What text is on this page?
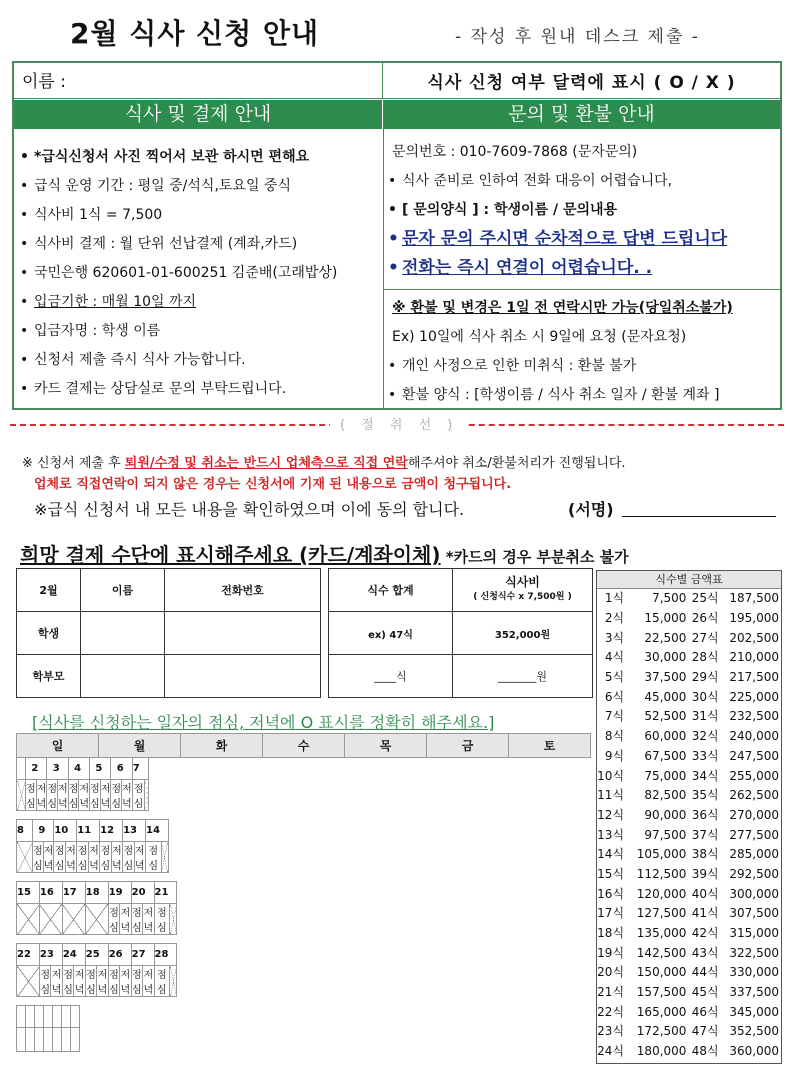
2월 식사 신청 안내	- 작성 후 원내 데스크 제출 -
이름 :	식사 신청 여부 달력에 표시 ( O / X )
식사 및 결제 안내	문의 및 환불 안내
• *급식신청서 사진 찍어서 보관 하시면 편해요
• 급식 운영 기간 : 평일 중/석식,토요일 중식
• 식사비 1식 = 7,500
• 식사비 결제 : 월 단위 선납결제 (계좌,카드)
• 국민은행 620601-01-600251 김준배(고래밥상)
• 입금기한 : 매월 10일 까지
• 입금자명 : 학생 이름
• 신청서 제출 즉시 식사 가능합니다.
• 카드 결제는 상담실로 문의 부탁드립니다.
문의번호 : 010-7609-7868 (문자문의)
• 식사 준비로 인하여 전화 대응이 어렵습니다,
• [ 문의양식 ] : 학생이름 / 문의내용
• 문자 문의 주시면 순차적으로 답변 드립니다
• 전화는 즉시 연결이 어렵습니다. .
※ 환불 및 변경은 1일 전 연락시만 가능(당일취소불가)
Ex) 10일에 식사 취소 시 9일에 요청 (문자요청)
• 개인 사정으로 인한 미취식 : 환불 불가
• 환불 양식 : [학생이름 / 식사 취소 일자 / 환불 계좌 ]
( 절 취 선 )
※ 신청서 제출 후 퇴원/수정 및 취소는 반드시 업체측으로 직접 연락해주셔야 취소/환불처리가 진행됩니다.
업체로 직접연락이 되지 않은 경우는 신청서에 기재 된 내용으로 금액이 청구됩니다.
※급식 신청서 내 모든 내용을 확인하였으며 이에 동의 합니다.	(서명)
희망 결제 수단에 표시해주세요 (카드/계좌이체) *카드의 경우 부분취소 불가
2월	이름	전화번호
학생		
학부모		
식수 합계	식사비
( 신청식수 x 7,500원 )
ex) 47식	352,000원
____식	_______원
식수별 금액표
1식	7,500	25식	187,500
2식	15,000	26식	195,000
3식	22,500	27식	202,500
4식	30,000	28식	210,000
5식	37,500	29식	217,500
6식	45,000	30식	225,000
7식	52,500	31식	232,500
8식	60,000	32식	240,000
9식	67,500	33식	247,500
10식	75,000	34식	255,000
11식	82,500	35식	262,500
12식	90,000	36식	270,000
13식	97,500	37식	277,500
14식	105,000	38식	285,000
15식	112,500	39식	292,500
16식	120,000	40식	300,000
17식	127,500	41식	307,500
18식	135,000	42식	315,000
19식	142,500	43식	322,500
20식	150,000	44식	330,000
21식	157,500	45식	337,500
22식	165,000	46식	345,000
23식	172,500	47식	352,500
24식	180,000	48식	360,000
[식사를 신청하는 일자의 점심, 저녁에 O 표시를 정확히 해주세요.]
일	월	화	수	목	금	토
	2		3		4		5		6		7	
	점심	저녁	점심	저녁	점심	저녁	점심	저녁	점심	저녁	점심	
8	9		10		11		12		13		14	
	점심	저녁	점심	저녁	점심	저녁	점심	저녁	점심	저녁	점심	
15	16	17	18	19		20		21	
				점심	저녁	점심	저녁	점심	
22	23		24		25		26		27		28	
	점심	저녁	점심	저녁	점심	저녁	점심	저녁	점심	저녁	점심	
